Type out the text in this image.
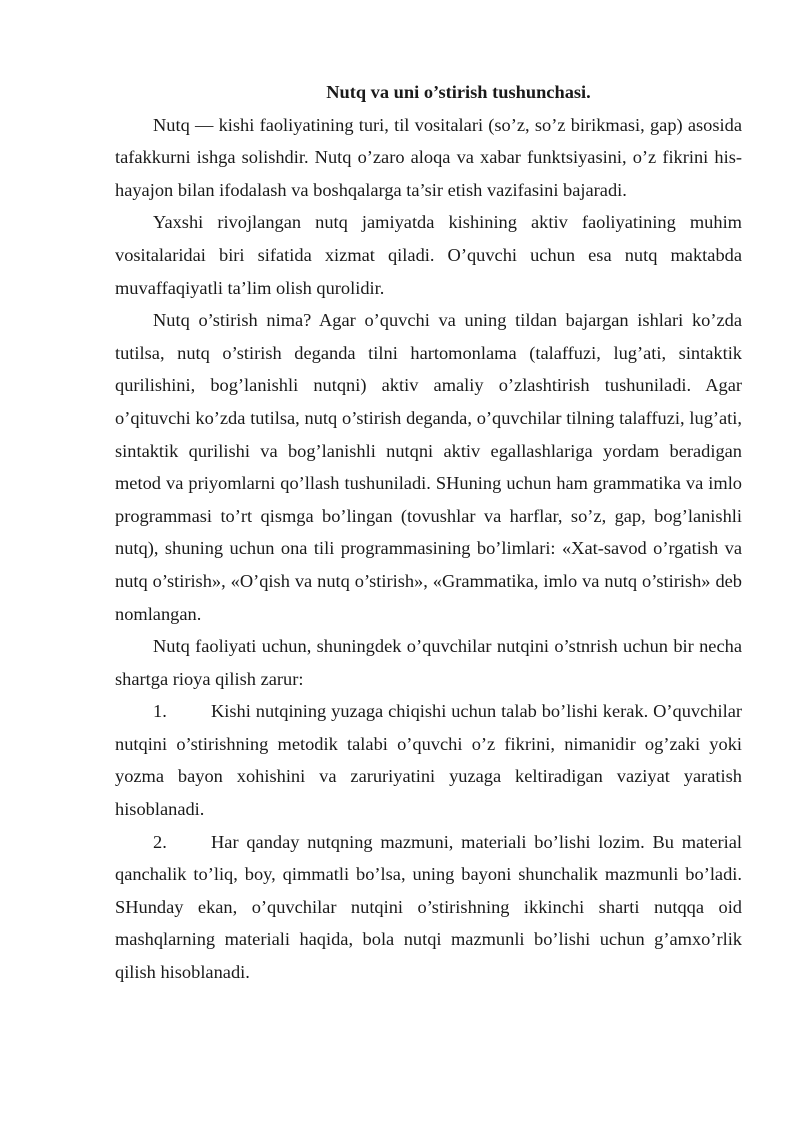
Nutq va uni o’stirish tushunchasi.

Nutq — kishi faoliyatining turi, til vositalari (so’z, so’z birikmasi, gap) asosida tafakkurni ishga solishdir. Nutq o’zaro aloqa va xabar funktsiyasini, o’z fikrini his-hayajon bilan ifodalash va boshqalarga ta’sir etish vazifasini bajaradi.

Yaxshi rivojlangan nutq jamiyatda kishining aktiv faoliyatining muhim vositalaridai biri sifatida xizmat qiladi. O’quvchi uchun esa nutq maktabda muvaffaqiyatli ta’lim olish qurolidir.

Nutq o’stirish nima? Agar o’quvchi va uning tildan bajargan ishlari ko’zda tutilsa, nutq o’stirish deganda tilni hartomonlama (talaffuzi, lug’ati, sintaktik qurilishini, bog’lanishli nutqni) aktiv amaliy o’zlashtirish tushuniladi. Agar o’qituvchi ko’zda tutilsa, nutq o’stirish deganda, o’quvchilar tilning talaffuzi, lug’ati, sintaktik qurilishi va bog’lanishli nutqni aktiv egallashlariga yordam beradigan metod va priyomlarni qo’llash tushuniladi. SHuning uchun ham grammatika va imlo programmasi to’rt qismga bo’lingan (tovushlar va harflar, so’z, gap, bog’lanishli nutq), shuning uchun ona tili programmasining bo’limlari: «Xat-savod o’rgatish va nutq o’stirish», «O’qish va nutq o’stirish», «Grammatika, imlo va nutq o’stirish» deb nomlangan.

Nutq faoliyati uchun, shuningdek o’quvchilar nutqini o’stnrish uchun bir necha shartga rioya qilish zarur:

1. Kishi nutqining yuzaga chiqishi uchun talab bo’lishi kerak. O’quvchilar nutqini o’stirishning metodik talabi o’quvchi o’z fikrini, nimanidir og’zaki yoki yozma bayon xohishini va zaruriyatini yuzaga keltiradigan vaziyat yaratish hisoblanadi.

2. Har qanday nutqning mazmuni, materiali bo’lishi lozim. Bu material qanchalik to’liq, boy, qimmatli bo’lsa, uning bayoni shunchalik mazmunli bo’ladi. SHunday ekan, o’quvchilar nutqini o’stirishning ikkinchi sharti nutqqa oid mashqlarning materiali haqida, bola nutqi mazmunli bo’lishi uchun g’amxo’rlik qilish hisoblanadi.
